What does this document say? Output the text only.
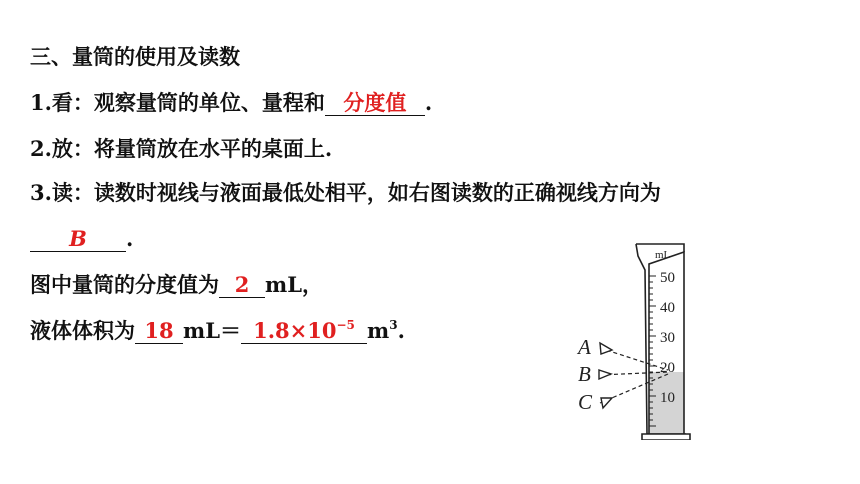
三、量筒的使用及读数
1.看：观察量筒的单位、量程和 分度值 .
2.放：将量筒放在水平的桌面上.
3.读：读数时视线与液面最低处相平，如右图读数的正确视线方向为
B .
图中量筒的分度值为 2 mL，
液体体积为 18 $mL= 1.8\times 10^{-5}$ $m^3$.
mL
50
40
30
20
10
A
B
C
